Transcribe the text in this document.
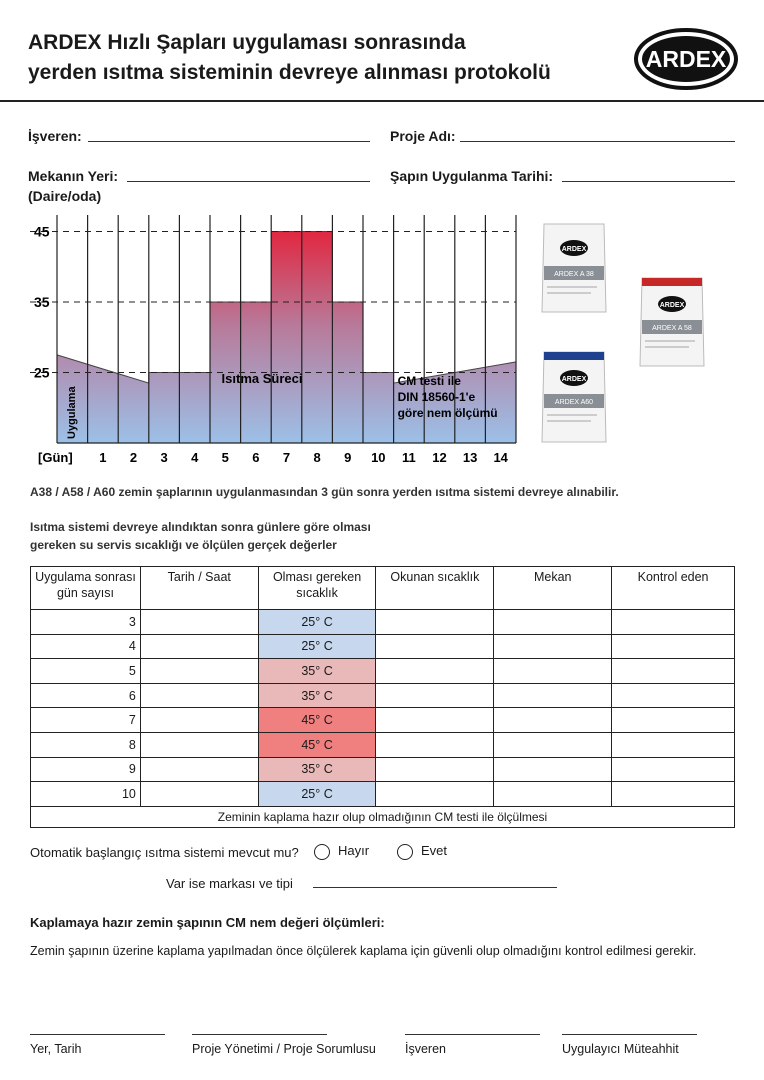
ARDEX Hızlı Şapları uygulaması sonrasında
yerden ısıtma sisteminin devreye alınması protokolü
ARDEX
İşveren:	Proje Adı:
Mekanın Yeri:
(Daire/oda)
Şapın Uygulanma Tarihi:
25
35
45
[Gün] 1 2 3 4 5 6 7 8 9 10 11 12 13 14
Uygulama
Isıtma Süreci	CM testi ile
DIN 18560-1'e
göre nem ölçümü
ARDEX
ARDEX A 38
ARDEX
ARDEX A 58
ARDEX
ARDEX A60
A38 / A58 / A60 zemin şaplarının uygulanmasından 3 gün sonra yerden ısıtma sistemi devreye alınabilir.
Isıtma sistemi devreye alındıktan sonra günlere göre olması
gereken su servis sıcaklığı ve ölçülen gerçek değerler
Uygulama sonrası gün sayısı	Tarih / Saat	Olması gereken sıcaklık	Okunan sıcaklık	Mekan	Kontrol eden
3		25° C			
4		25° C			
5		35° C			
6		35° C			
7		45° C			
8		45° C			
9		35° C			
10		25° C			
Zeminin kaplama hazır olup olmadığının CM testi ile ölçülmesi					
Otomatik başlangıç ısıtma sistemi mevcut mu?	Hayır	Evet
Var ise markası ve tipi
Kaplamaya hazır zemin şapının CM nem değeri ölçümleri:
Zemin şapının üzerine kaplama yapılmadan önce ölçülerek kaplama için güvenli olup olmadığını kontrol edilmesi gerekir.
Yer, Tarih	Proje Yönetimi / Proje Sorumlusu İşveren	Uygulayıcı Müteahhit
